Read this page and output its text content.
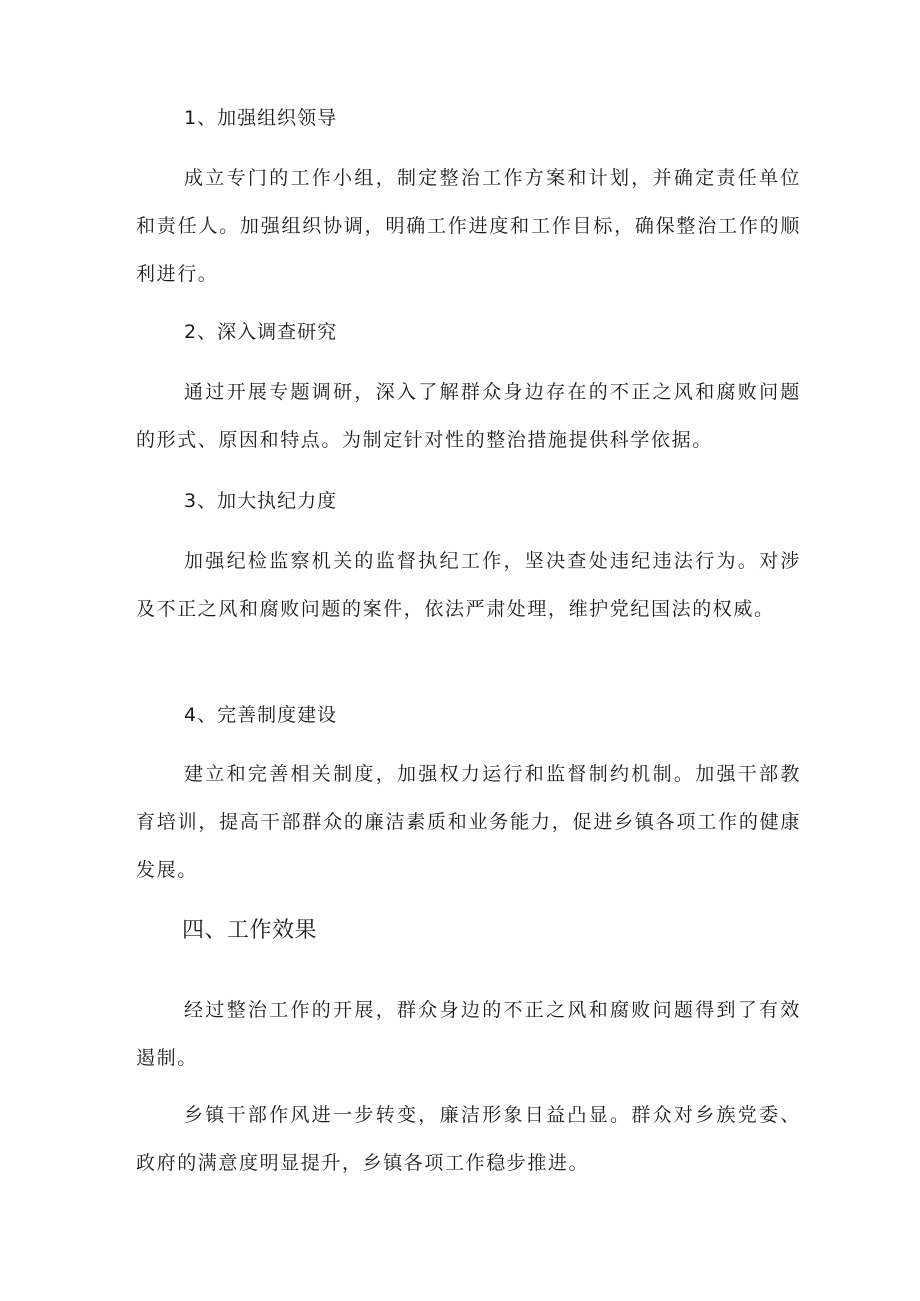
1、加强组织领导

成立专门的工作小组，制定整治工作方案和计划，并确定责任单位和责任人。加强组织协调，明确工作进度和工作目标，确保整治工作的顺利进行。

2、深入调查研究

通过开展专题调研，深入了解群众身边存在的不正之风和腐败问题的形式、原因和特点。为制定针对性的整治措施提供科学依据。

3、加大执纪力度

加强纪检监察机关的监督执纪工作，坚决查处违纪违法行为。对涉及不正之风和腐败问题的案件，依法严肃处理，维护党纪国法的权威。

4、完善制度建设

建立和完善相关制度，加强权力运行和监督制约机制。加强干部教育培训，提高干部群众的廉洁素质和业务能力，促进乡镇各项工作的健康发展。

四、工作效果

经过整治工作的开展，群众身边的不正之风和腐败问题得到了有效遏制。

乡镇干部作风进一步转变，廉洁形象日益凸显。群众对乡族党委、政府的满意度明显提升，乡镇各项工作稳步推进。
